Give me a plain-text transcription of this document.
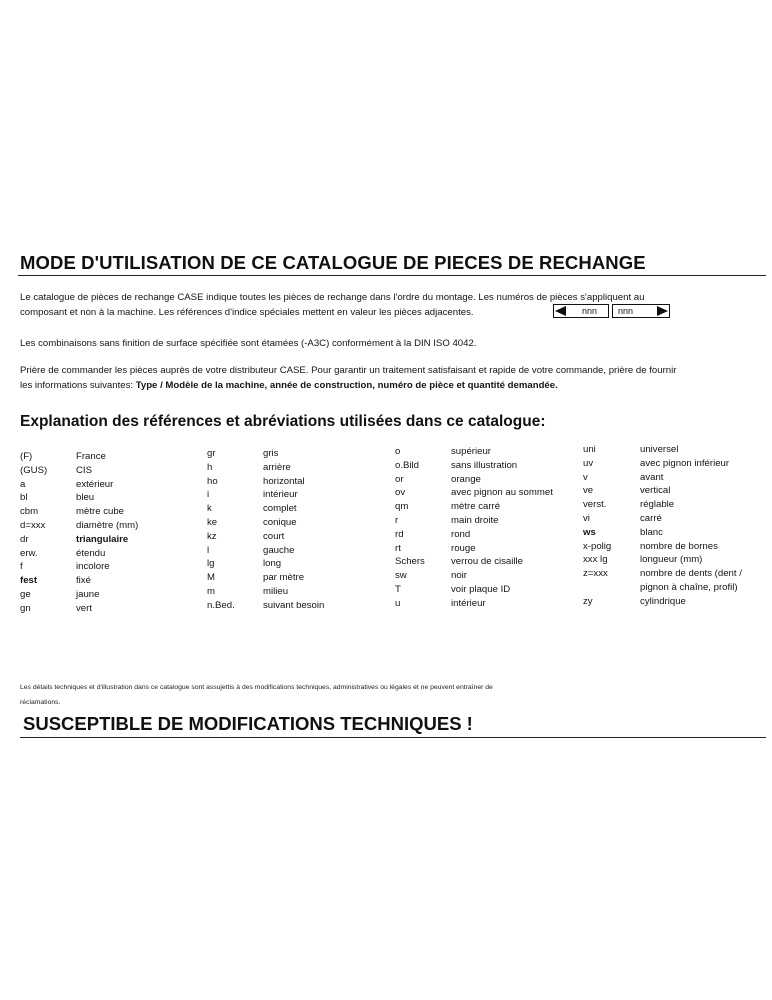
MODE D'UTILISATION DE CE CATALOGUE DE PIECES DE RECHANGE
Le catalogue de pièces de rechange CASE indique toutes les pièces de rechange dans l'ordre du montage. Les numéros de pièces s'appliquent au
composant et non à la machine. Les références d'indice spéciales mettent en valeur les pièces adjacentes.	nnn nnn
Les combinaisons sans finition de surface spécifiée sont étamées (-A3C) conformément à la DIN ISO 4042.
Prière de commander les pièces auprès de votre distributeur CASE. Pour garantir un traitement satisfaisant et rapide de votre commande, prière de fournir
les informations suivantes: Type / Modèle de la machine, année de construction, numéro de pièce et quantité demandée.
Explanation des références et abréviations utilisées dans ce catalogue:
(F)
(GUS)
a
bl
cbm
d=xxx
dr
erw.
f
fest
ge
gn
France
CIS
extérieur
bleu
mètre cube
diamètre (mm)
triangulaire
étendu
incolore
fixé
jaune
vert
gr
h
ho
i
k
ke
kz
l
lg
M
m
n.Bed.
gris
arrière
horizontal
intérieur
complet
conique
court
gauche
long
par mètre
milieu
suivant besoin
o
o.Bild
or
ov
qm
r
rd
rt
Schers
sw
T
u
supérieur
sans illustration
orange
avec pignon au sommet
mètre carré
main droite
rond
rouge
verrou de cisaille
noir
voir plaque ID
intérieur
uni
uv
v
ve
verst.
vi
ws
x-polig
xxx lg
z=xxx
zy
universel
avec pignon inférieur
avant
vertical
réglable
carré
blanc
nombre de bornes
longueur (mm)
nombre de dents (dent /
pignon à chaîne, profil)
cylindrique
Les détails techniques et d'illustration dans ce catalogue sont assujettis à des modifications techniques, administratives ou légales et ne peuvent entraîner de
réclamations.
SUSCEPTIBLE DE MODIFICATIONS TECHNIQUES !
